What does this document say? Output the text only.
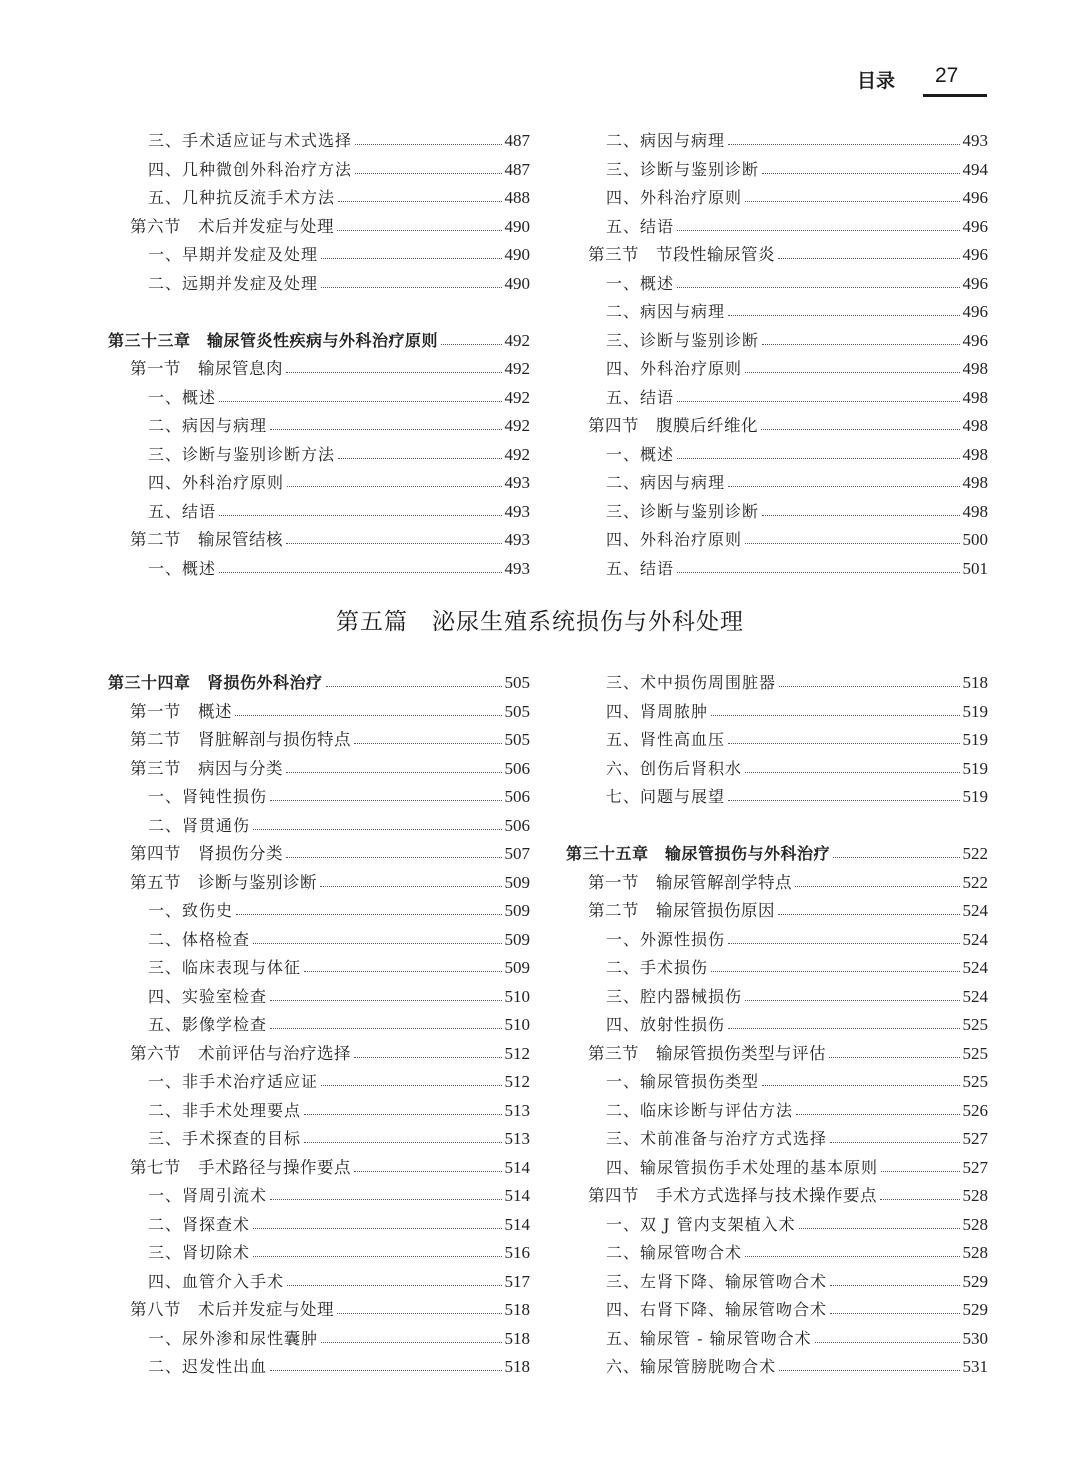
目录 27
三、手术适应证与术式选择	487
四、几种微创外科治疗方法	487
五、几种抗反流手术方法	488
第六节　术后并发症与处理	490
一、早期并发症及处理	490
二、远期并发症及处理	490
第三十三章　输尿管炎性疾病与外科治疗原则	492
第一节　输尿管息肉	492
一、概述	492
二、病因与病理	492
三、诊断与鉴别诊断方法	492
四、外科治疗原则	493
五、结语	493
第二节　输尿管结核	493
一、概述	493
二、病因与病理	493
三、诊断与鉴别诊断	494
四、外科治疗原则	496
五、结语	496
第三节　节段性输尿管炎	496
一、概述	496
二、病因与病理	496
三、诊断与鉴别诊断	496
四、外科治疗原则	498
五、结语	498
第四节　腹膜后纤维化	498
一、概述	498
二、病因与病理	498
三、诊断与鉴别诊断	498
四、外科治疗原则	500
五、结语	501
第五篇　泌尿生殖系统损伤与外科处理
第三十四章　肾损伤外科治疗	505
第一节　概述	505
第二节　肾脏解剖与损伤特点	505
第三节　病因与分类	506
一、肾钝性损伤	506
二、肾贯通伤	506
第四节　肾损伤分类	507
第五节　诊断与鉴别诊断	509
一、致伤史	509
二、体格检查	509
三、临床表现与体征	509
四、实验室检查	510
五、影像学检查	510
第六节　术前评估与治疗选择	512
一、非手术治疗适应证	512
二、非手术处理要点	513
三、手术探查的目标	513
第七节　手术路径与操作要点	514
一、肾周引流术	514
二、肾探查术	514
三、肾切除术	516
四、血管介入手术	517
第八节　术后并发症与处理	518
一、尿外渗和尿性囊肿	518
二、迟发性出血	518
三、术中损伤周围脏器	518
四、肾周脓肿	519
五、肾性高血压	519
六、创伤后肾积水	519
七、问题与展望	519
第三十五章　输尿管损伤与外科治疗	522
第一节　输尿管解剖学特点	522
第二节　输尿管损伤原因	524
一、外源性损伤	524
二、手术损伤	524
三、腔内器械损伤	524
四、放射性损伤	525
第三节　输尿管损伤类型与评估	525
一、输尿管损伤类型	525
二、临床诊断与评估方法	526
三、术前准备与治疗方式选择	527
四、输尿管损伤手术处理的基本原则	527
第四节　手术方式选择与技术操作要点	528
一、双 J 管内支架植入术	528
二、输尿管吻合术	528
三、左肾下降、输尿管吻合术	529
四、右肾下降、输尿管吻合术	529
五、输尿管 - 输尿管吻合术	530
六、输尿管膀胱吻合术	531
